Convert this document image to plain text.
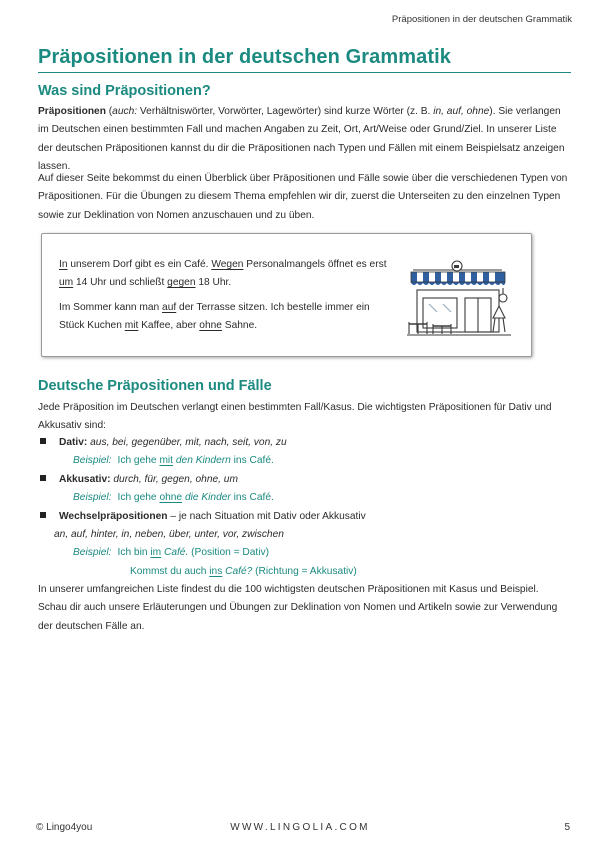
Präpositionen in der deutschen Grammatik
Präpositionen in der deutschen Grammatik
Was sind Präpositionen?

Präpositionen (auch: Verhältniswörter, Vorwörter, Lagewörter) sind kurze Wörter (z. B. in, auf, ohne). Sie verlangen im Deutschen einen bestimmten Fall und machen Angaben zu Zeit, Ort, Art/Weise oder Grund/Ziel. In unserer Liste der deutschen Präpositionen kannst du dir die Präpositionen nach Typen und Fällen mit einem Beispielsatz anzeigen lassen.

Auf dieser Seite bekommst du einen Überblick über Präpositionen und Fälle sowie über die verschiedenen Typen von Präpositionen. Für die Übungen zu diesem Thema empfehlen wir dir, zuerst die Unterseiten zu den einzelnen Typen sowie zur Deklination von Nomen anzuschauen und zu üben.

In unserem Dorf gibt es ein Café. Wegen Personalmangels öffnet es erst um 14 Uhr und schließt gegen 18 Uhr.

Im Sommer kann man auf der Terrasse sitzen. Ich bestelle immer ein Stück Kuchen mit Kaffee, aber ohne Sahne.

Deutsche Präpositionen und Fälle

Jede Präposition im Deutschen verlangt einen bestimmten Fall/Kasus. Die wichtigsten Präpositionen für Dativ und Akkusativ sind:

Dativ: aus, bei, gegenüber, mit, nach, seit, von, zu
Beispiel: Ich gehe mit den Kindern ins Café.
Akkusativ: durch, für, gegen, ohne, um
Beispiel: Ich gehe ohne die Kinder ins Café.
Wechselpräpositionen – je nach Situation mit Dativ oder Akkusativ
an, auf, hinter, in, neben, über, unter, vor, zwischen
Beispiel: Ich bin im Café. (Position = Dativ)
Kommst du auch ins Café? (Richtung = Akkusativ)

In unserer umfangreichen Liste findest du die 100 wichtigsten deutschen Präpositionen mit Kasus und Beispiel. Schau dir auch unsere Erläuterungen und Übungen zur Deklination von Nomen und Artikeln sowie zur Verwendung der deutschen Fälle an.

© Lingo4you	WWW.LINGOLIA.COM	5
